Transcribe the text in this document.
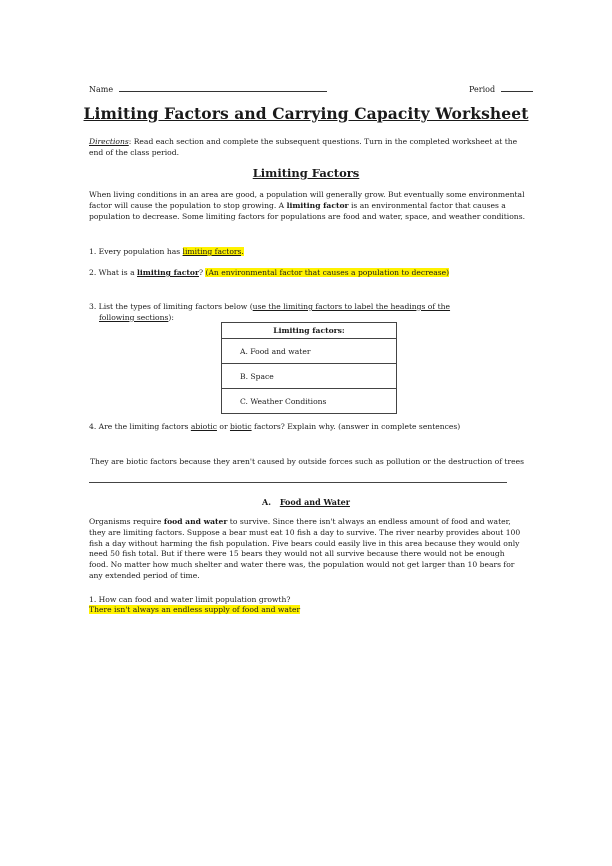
Name	Period
Limiting Factors and Carrying Capacity Worksheet
Directions: Read each section and complete the subsequent questions. Turn in the completed worksheet at the end of the class period.
Limiting Factors
When living conditions in an area are good, a population will generally grow. But eventually some environmental factor will cause the population to stop growing. A limiting factor is an environmental factor that causes a population to decrease. Some limiting factors for populations are food and water, space, and weather conditions.
1. Every population has limiting factors.
2. What is a limiting factor? (An environmental factor that causes a population to decrease)
3. List the types of limiting factors below (use the limiting factors to label the headings of the
following sections):
Limiting factors:
A. Food and water
B. Space
C. Weather Conditions
4. Are the limiting factors abiotic or biotic factors? Explain why. (answer in complete sentences)
They are biotic factors because they aren't caused by outside forces such as pollution or the destruction of trees
A. Food and Water
Organisms require food and water to survive. Since there isn't always an endless amount of food and water, they are limiting factors. Suppose a bear must eat 10 fish a day to survive. The river nearby provides about 100 fish a day without harming the fish population. Five bears could easily live in this area because they would only need 50 fish total. But if there were 15 bears they would not all survive because there would not be enough food. No matter how much shelter and water there was, the population would not get larger than 10 bears for any extended period of time.
1. How can food and water limit population growth?
There isn't always an endless supply of food and water
